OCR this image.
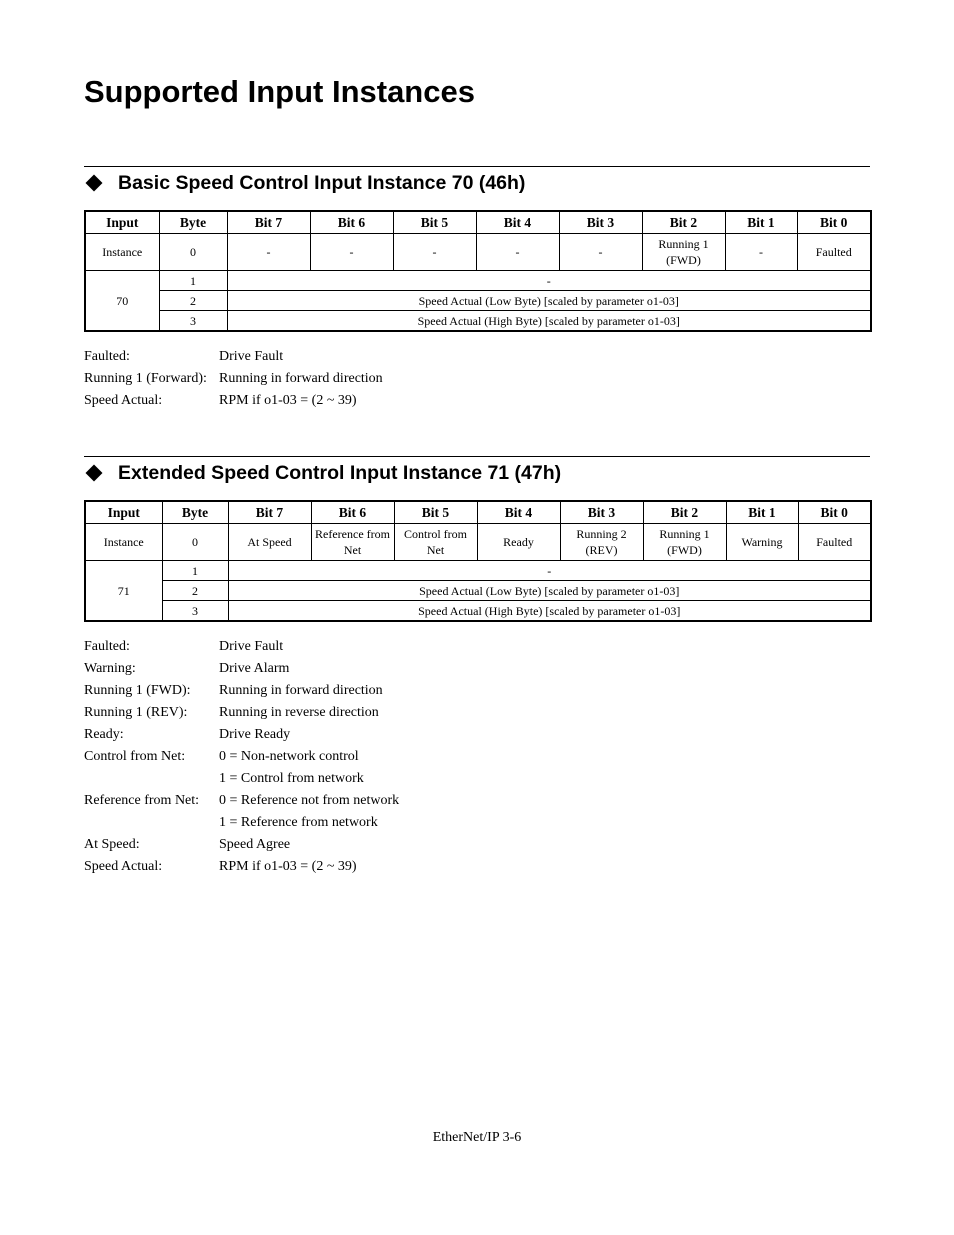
Supported Input Instances
Basic Speed Control Input Instance 70 (46h)
Input	Byte	Bit 7	Bit 6	Bit 5	Bit 4	Bit 3	Bit 2	Bit 1	Bit 0
Instance	0	-	-	-	-	-	Running 1 (FWD)	-	Faulted
70	1	-							
	2	Speed Actual (Low Byte) [scaled by parameter o1-03]							
	3	Speed Actual (High Byte) [scaled by parameter o1-03]							
Faulted:	Drive Fault
Running 1 (Forward): Running in forward direction
Speed Actual:	RPM if o1-03 = (2 ~ 39)
Extended Speed Control Input Instance 71 (47h)
Input	Byte	Bit 7	Bit 6	Bit 5	Bit 4	Bit 3	Bit 2	Bit 1	Bit 0
Instance	0	At Speed	Reference from Net	Control from Net	Ready	Running 2 (REV)	Running 1 (FWD)	Warning	Faulted
71	1	-							
	2	Speed Actual (Low Byte) [scaled by parameter o1-03]							
	3	Speed Actual (High Byte) [scaled by parameter o1-03]							
Faulted:	Drive Fault
Warning:	Drive Alarm
Running 1 (FWD):	Running in forward direction
Running 1 (REV):	Running in reverse direction
Ready:	Drive Ready
Control from Net:	0 = Non-network control
1 = Control from network
Reference from Net:	0 = Reference not from network
1 = Reference from network
At Speed:	Speed Agree
Speed Actual:	RPM if o1-03 = (2 ~ 39)
EtherNet/IP 3-6
